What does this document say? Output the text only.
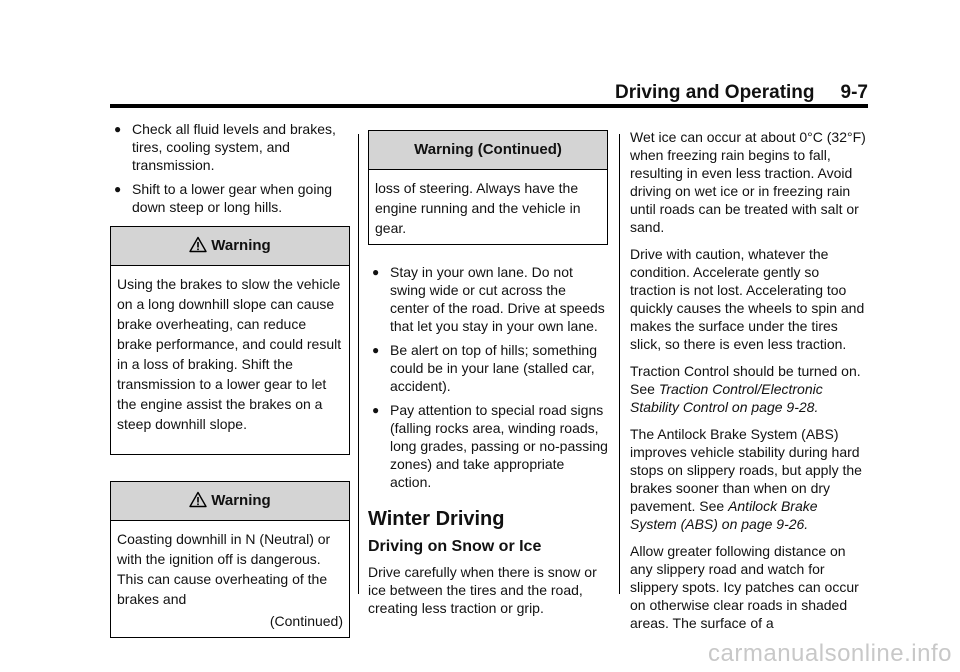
Driving and Operating 9-7
● Check all fluid levels and brakes, tires, cooling system, and transmission.
● Shift to a lower gear when going down steep or long hills.
Warning
Using the brakes to slow the vehicle on a long downhill slope can cause brake overheating, can reduce brake performance, and could result in a loss of braking. Shift the transmission to a lower gear to let the engine assist the brakes on a steep downhill slope.
Warning
Coasting downhill in N (Neutral) or with the ignition off is dangerous. This can cause overheating of the brakes and
(Continued)
Warning (Continued)
loss of steering. Always have the engine running and the vehicle in gear.
● Stay in your own lane. Do not swing wide or cut across the center of the road. Drive at speeds that let you stay in your own lane.
● Be alert on top of hills; something could be in your lane (stalled car, accident).
● Pay attention to special road signs (falling rocks area, winding roads, long grades, passing or no-passing zones) and take appropriate action.
Winter Driving
Driving on Snow or Ice

Drive carefully when there is snow or ice between the tires and the road, creating less traction or grip.

Wet ice can occur at about 0°C (32°F) when freezing rain begins to fall, resulting in even less traction. Avoid driving on wet ice or in freezing rain until roads can be treated with salt or sand.

Drive with caution, whatever the condition. Accelerate gently so traction is not lost. Accelerating too quickly causes the wheels to spin and makes the surface under the tires slick, so there is even less traction.

Traction Control should be turned on. See Traction Control/Electronic Stability Control on page 9-28.

The Antilock Brake System (ABS) improves vehicle stability during hard stops on slippery roads, but apply the brakes sooner than when on dry pavement. See Antilock Brake System (ABS) on page 9-26.

Allow greater following distance on any slippery road and watch for slippery spots. Icy patches can occur on otherwise clear roads in shaded areas. The surface of a

carmanualsonline.info
